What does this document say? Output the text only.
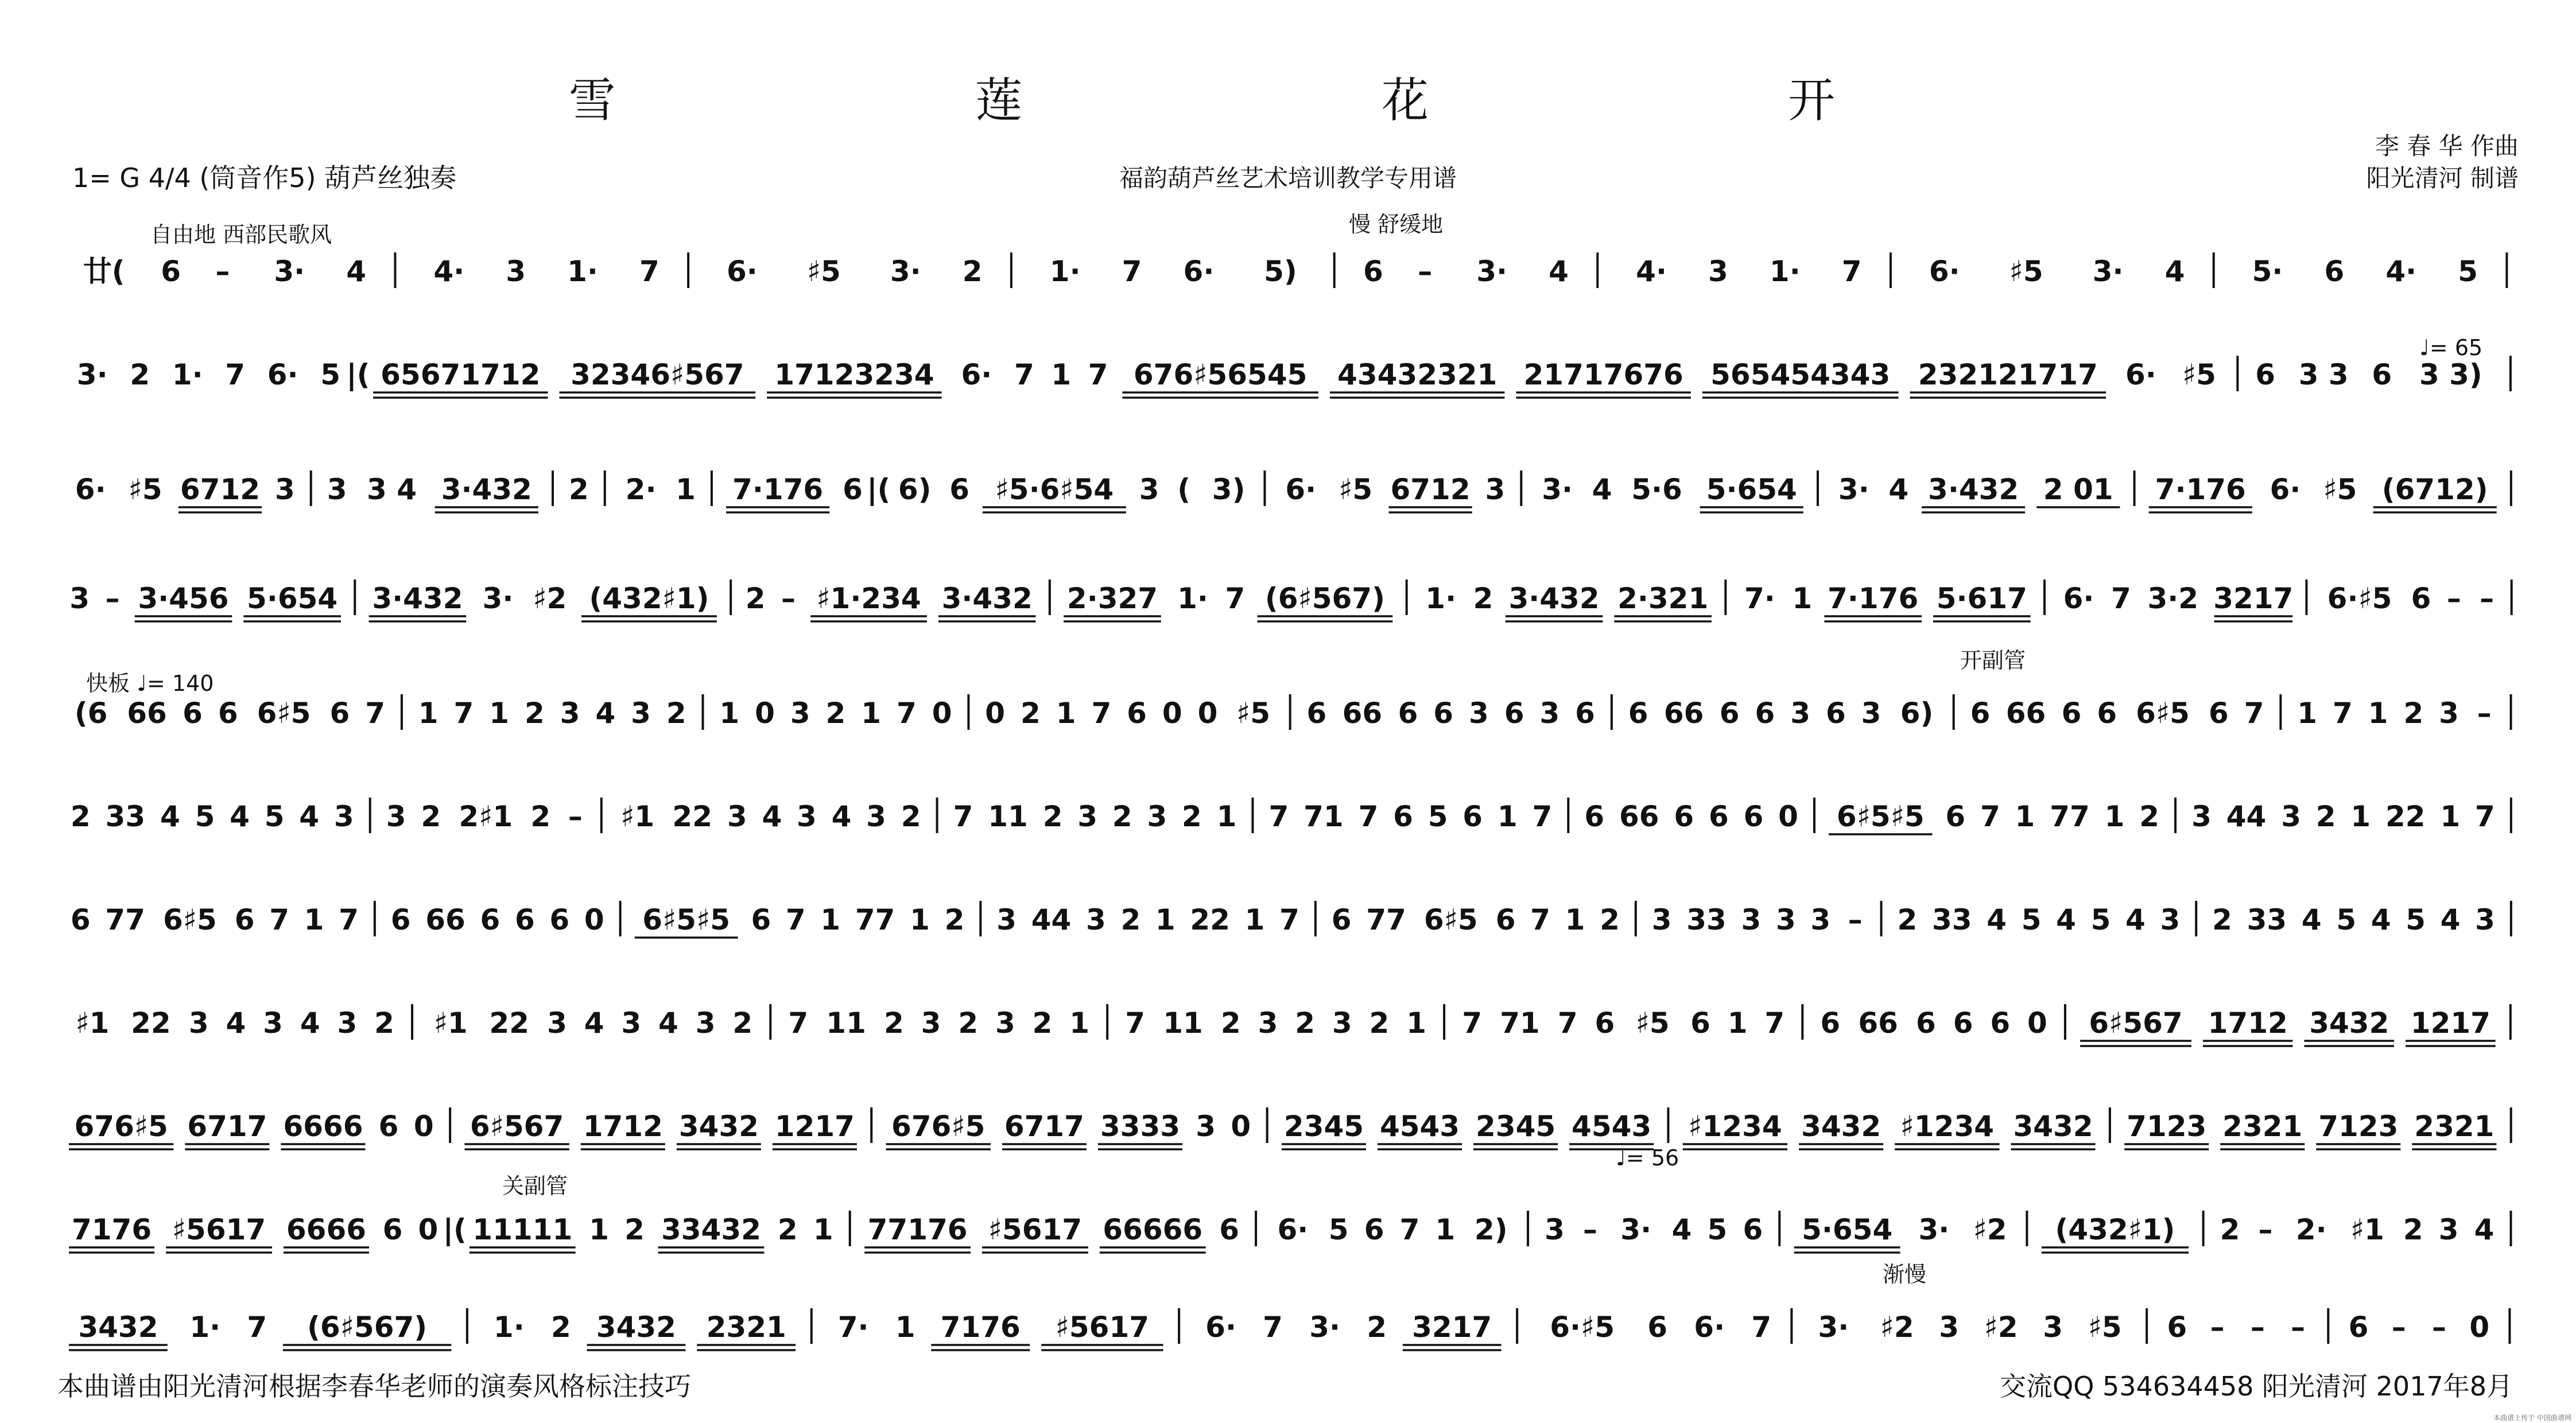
雪 莲 花 开
李 春 华 作曲
阳光清河 制谱
1= G 4/4 (筒音作5) 葫芦丝独奏	福韵葫芦丝艺术培训教学专用谱
自由地 西部民歌风	慢 舒缓地
♩= 65
快板 ♩= 140
开副管
关副管
♩= 56
渐慢
廿( 6 – 3· 4 4· 3 1· 7 6· ♯5 3· 2 1· 7 6· 5) 6 – 3· 4 4· 3 1· 7 6· ♯5 3· 4 5· 6 4· 5
3· 2 1· 7 6· 5 |( 65671712 32346♯567 17123234 6· 7 1 7 676♯56545 43432321 21717676 565454343 232121717 6· ♯5 6 3 3 6 3 3)
6· ♯5 6712 3 3 3 4 3·432 2 2· 1 7·176 6 |( 6) 6 ♯5·6♯54 3 ( 3) 6· ♯5 6712 3 3· 4 5·6 5·654 3· 4 3·432 2 01 7·176 6· ♯5 (6712)
3 – 3·456 5·654 3·432 3· ♯2 (432♯1) 2 – ♯1·234 3·432 2·327 1· 7 (6♯567) 1· 2 3·432 2·321 7· 1 7·176 5·617 6· 7 3·2 3217 6·♯5 6 – –
(6 66 6 6 6♯5 6 7 1 7 1 2 3 4 3 2 1 0 3 2 1 7 0 0 2 1 7 6 0 0 ♯5 6 66 6 6 3 6 3 6 6 66 6 6 3 6 3 6) 6 66 6 6 6♯5 6 7 1 7 1 2 3 –
2 33 4 5 4 5 4 3 3 2 2♯1 2 – ♯1 22 3 4 3 4 3 2 7 11 2 3 2 3 2 1 7 71 7 6 5 6 1 7 6 66 6 6 6 0 6♯5♯5 6 7 1 77 1 2 3 44 3 2 1 22 1 7
6 77 6♯5 6 7 1 7 6 66 6 6 6 0 6♯5♯5 6 7 1 77 1 2 3 44 3 2 1 22 1 7 6 77 6♯5 6 7 1 2 3 33 3 3 3 – 2 33 4 5 4 5 4 3 2 33 4 5 4 5 4 3
♯1 22 3 4 3 4 3 2 ♯1 22 3 4 3 4 3 2 7 11 2 3 2 3 2 1 7 11 2 3 2 3 2 1 7 71 7 6 ♯5 6 1 7 6 66 6 6 6 0 6♯567 1712 3432 1217
676♯5 6717 6666 6 0 6♯567 1712 3432 1217 676♯5 6717 3333 3 0 2345 4543 2345 4543 ♯1234 3432 ♯1234 3432 7123 2321 7123 2321
7176 ♯5617 6666 6 0 |( 11111 1 2 33432 2 1 77176 ♯5617 66666 6 6· 5 6 7 1 2) 3 – 3· 4 5 6 5·654 3· ♯2 (432♯1) 2 – 2· ♯1 2 3 4
3432 1· 7 (6♯567) 1· 2 3432 2321 7· 1 7176 ♯5617 6· 7 3· 2 3217 6·♯5 6 6· 7 3· ♯2 3 ♯2 3 ♯5 6 – – – 6 – – 0
本曲谱由阳光清河根据李春华老师的演奏风格标注技巧	交流QQ 534634458 阳光清河 2017年8月
本曲谱上传于 中国曲谱网
